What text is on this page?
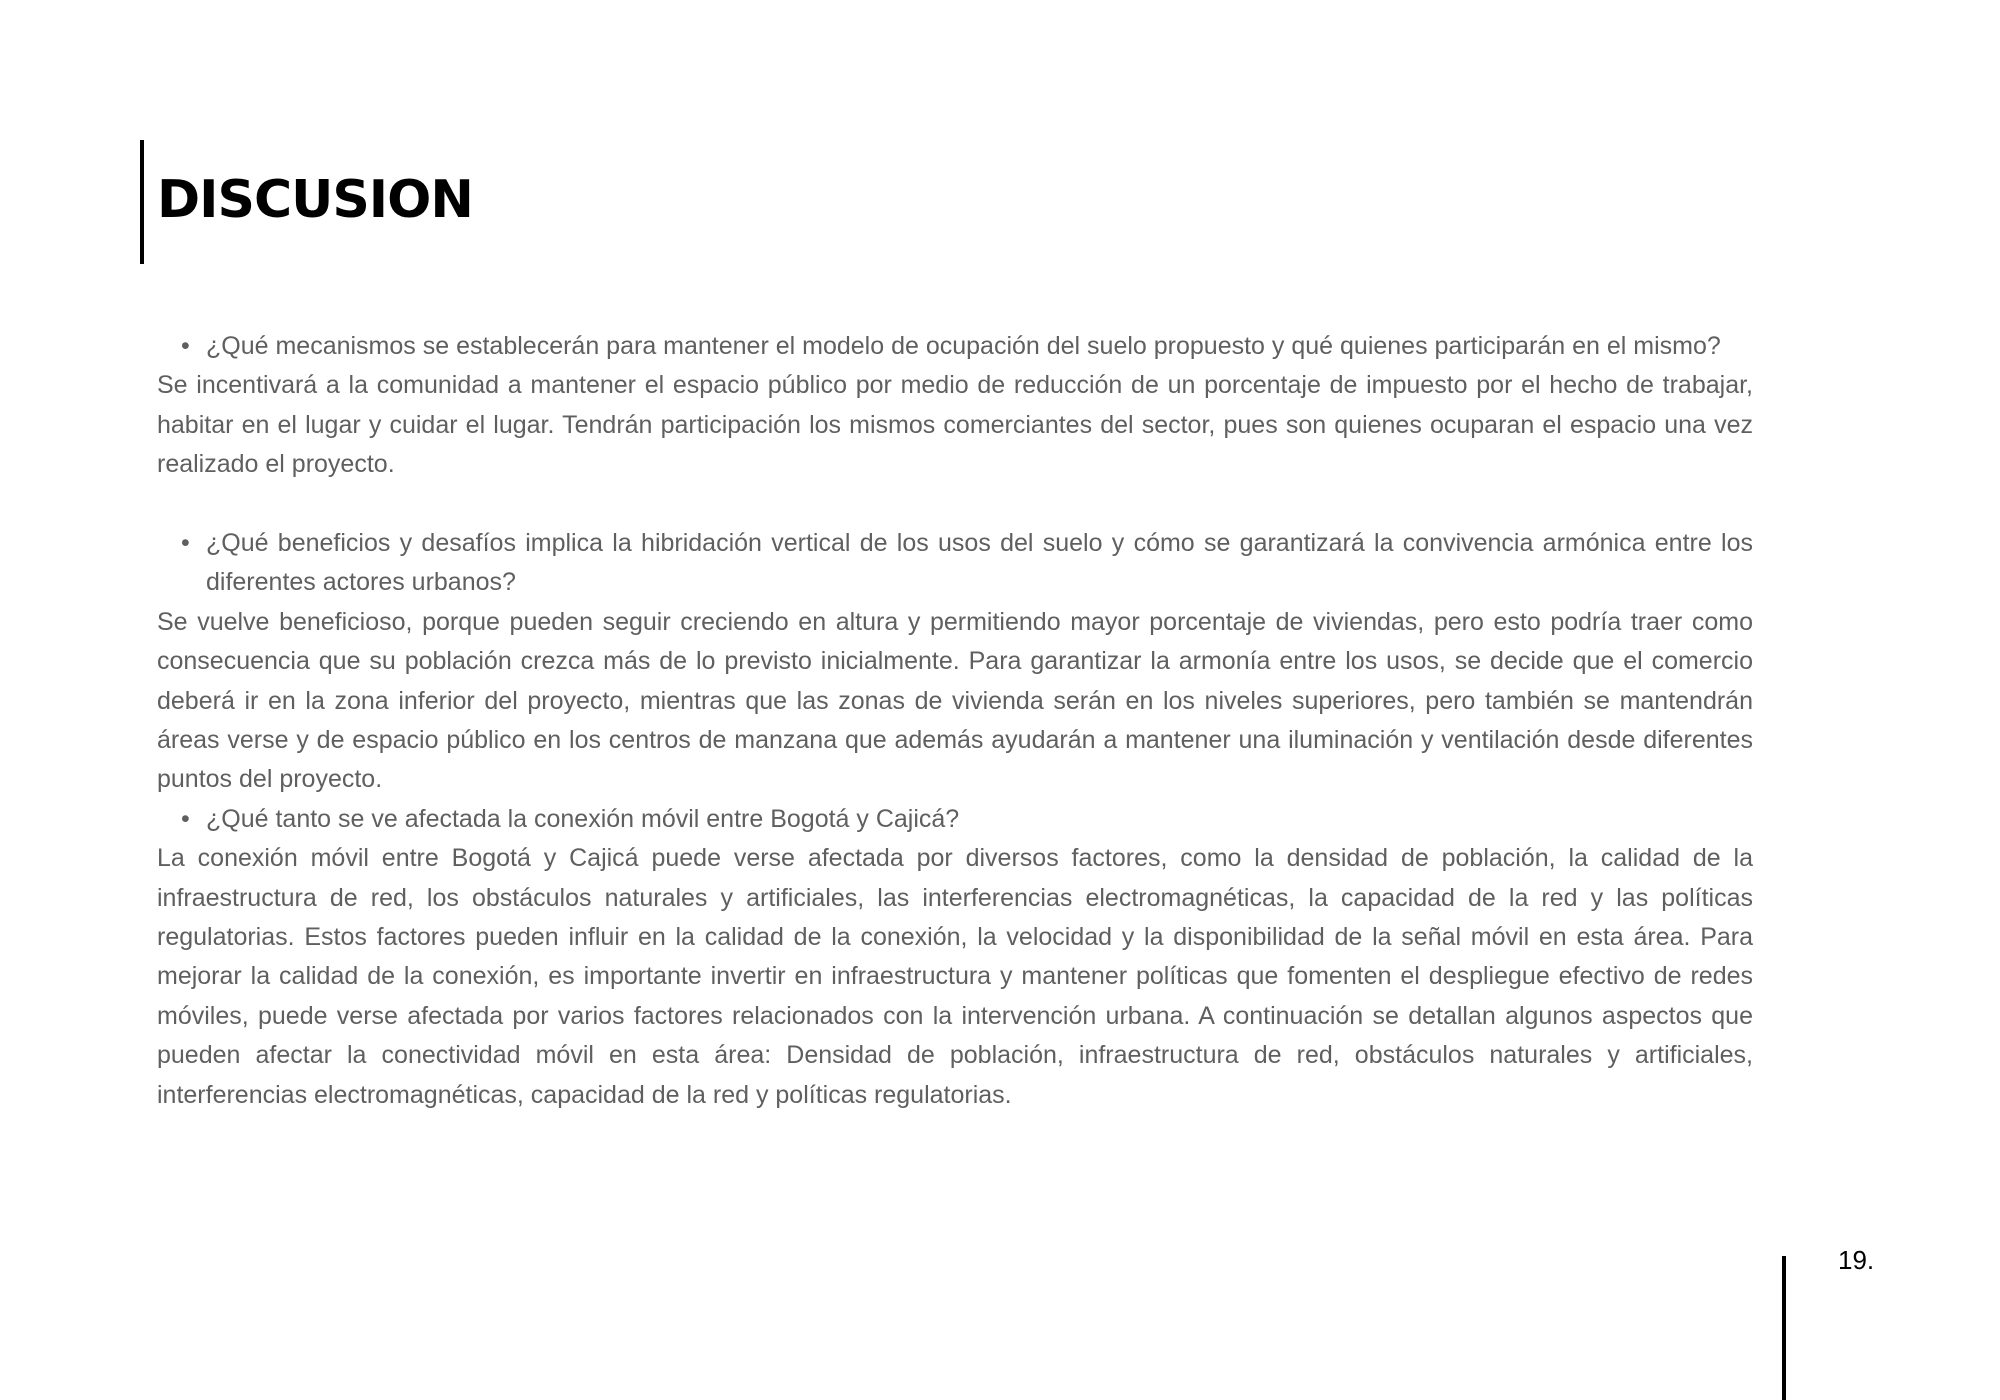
DISCUSION
• ¿Qué mecanismos se establecerán para mantener el modelo de ocupación del suelo propuesto y qué quienes participarán en el mismo?

Se incentivará a la comunidad a mantener el espacio público por medio de reducción de un porcentaje de impuesto por el hecho de trabajar, habitar en el lugar y cuidar el lugar. Tendrán participación los mismos comerciantes del sector, pues son quienes ocuparan el espacio una vez realizado el proyecto.

• ¿Qué beneficios y desafíos implica la hibridación vertical de los usos del suelo y cómo se garantizará la convivencia armónica entre los diferentes actores urbanos?

Se vuelve beneficioso, porque pueden seguir creciendo en altura y permitiendo mayor porcentaje de viviendas, pero esto podría traer como consecuencia que su población crezca más de lo previsto inicialmente. Para garantizar la armonía entre los usos, se decide que el comercio deberá ir en la zona inferior del proyecto, mientras que las zonas de vivienda serán en los niveles superiores, pero también se mantendrán áreas verse y de espacio público en los centros de manzana que además ayudarán a mantener una iluminación y ventilación desde diferentes puntos del proyecto.

• ¿Qué tanto se ve afectada la conexión móvil entre Bogotá y Cajicá?

La conexión móvil entre Bogotá y Cajicá puede verse afectada por diversos factores, como la densidad de población, la calidad de la infraestructura de red, los obstáculos naturales y artificiales, las interferencias electromagnéticas, la capacidad de la red y las políticas regulatorias. Estos factores pueden influir en la calidad de la conexión, la velocidad y la disponibilidad de la señal móvil en esta área. Para mejorar la calidad de la conexión, es importante invertir en infraestructura y mantener políticas que fomenten el despliegue efectivo de redes móviles, puede verse afectada por varios factores relacionados con la intervención urbana. A continuación se detallan algunos aspectos que pueden afectar la conectividad móvil en esta área: Densidad de población, infraestructura de red, obstáculos naturales y artificiales, interferencias electromagnéticas, capacidad de la red y políticas regulatorias.

19.
